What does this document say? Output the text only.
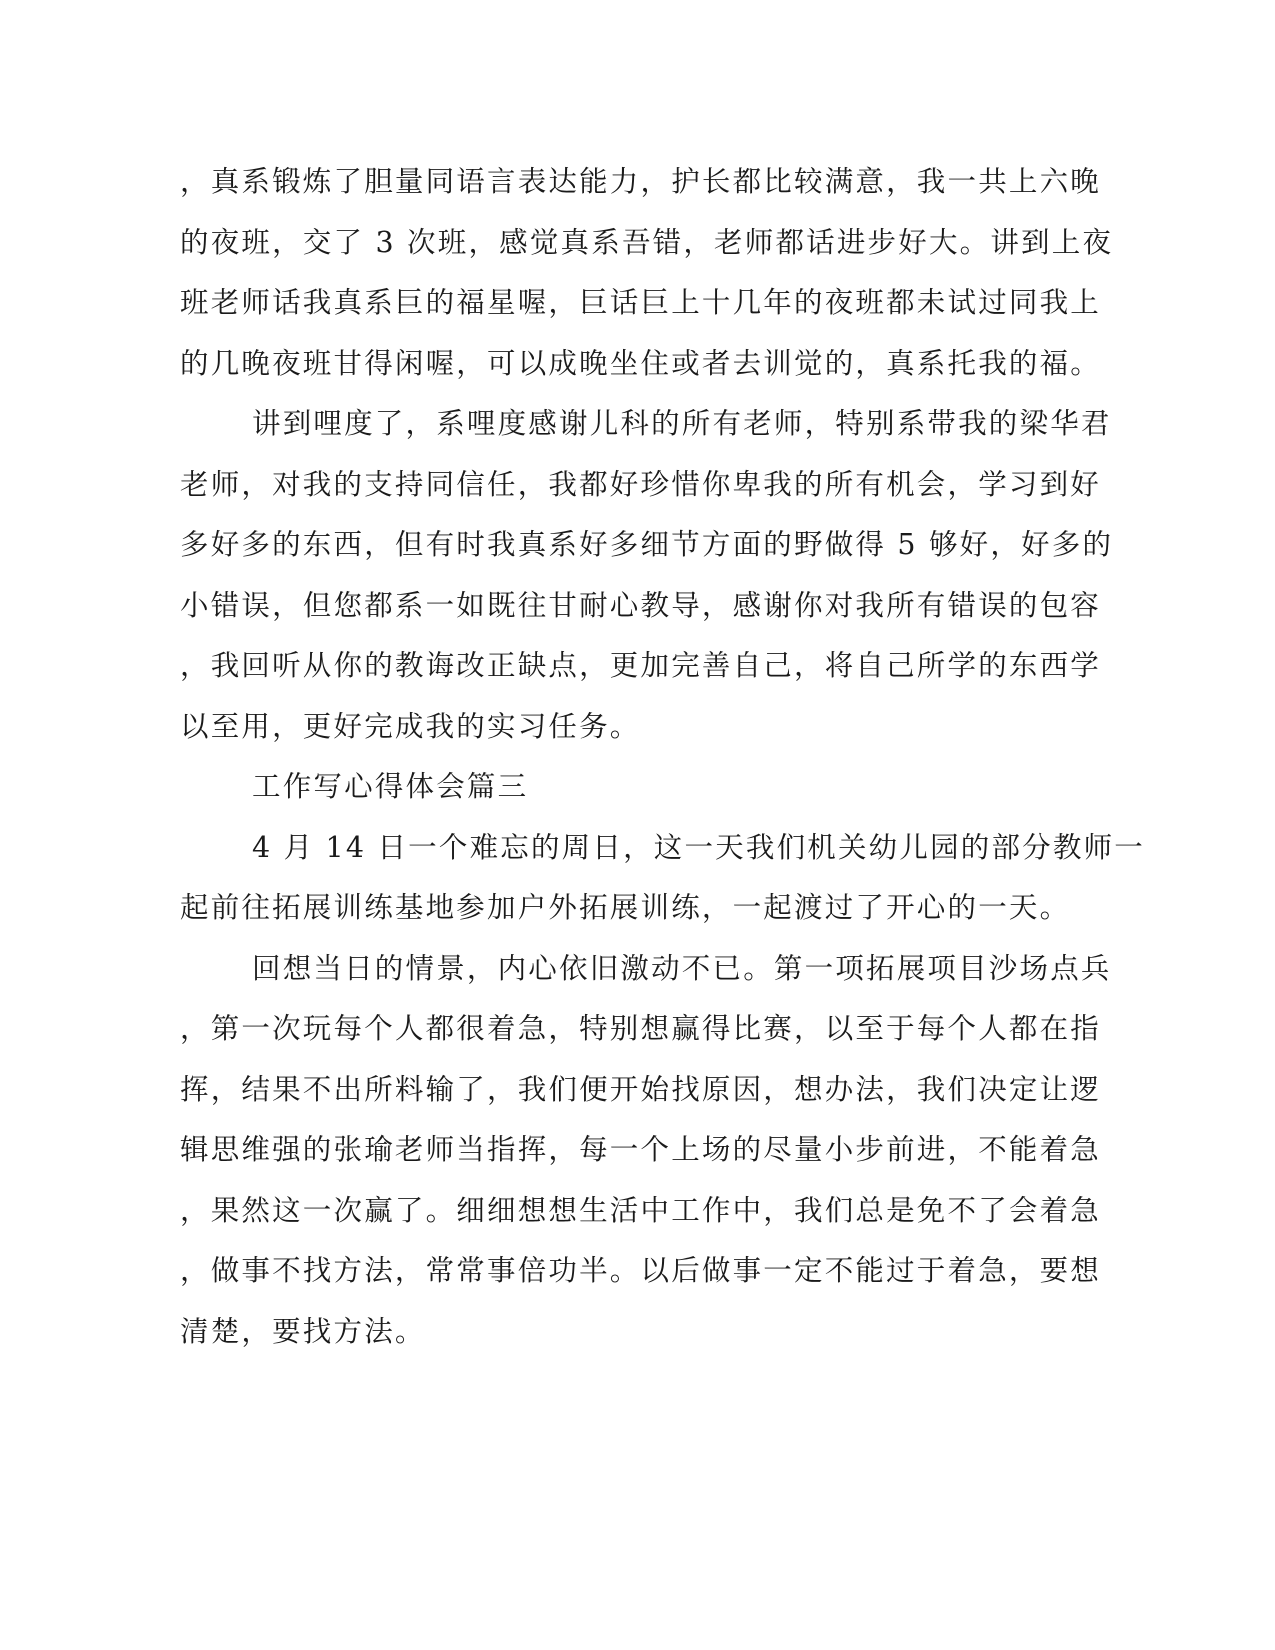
，真系锻炼了胆量同语言表达能力，护长都比较满意，我一共上六晚
的夜班，交了 3 次班，感觉真系吾错，老师都话进步好大。讲到上夜
班老师话我真系巨的福星喔，巨话巨上十几年的夜班都未试过同我上
的几晚夜班甘得闲喔，可以成晚坐住或者去训觉的，真系托我的福。
讲到哩度了，系哩度感谢儿科的所有老师，特别系带我的梁华君
老师，对我的支持同信任，我都好珍惜你卑我的所有机会，学习到好
多好多的东西，但有时我真系好多细节方面的野做得 5 够好，好多的
小错误，但您都系一如既往甘耐心教导，感谢你对我所有错误的包容
，我回听从你的教诲改正缺点，更加完善自己，将自己所学的东西学
以至用，更好完成我的实习任务。
工作写心得体会篇三
4 月 14 日一个难忘的周日，这一天我们机关幼儿园的部分教师一
起前往拓展训练基地参加户外拓展训练，一起渡过了开心的一天。
回想当日的情景，内心依旧激动不已。第一项拓展项目沙场点兵
，第一次玩每个人都很着急，特别想赢得比赛，以至于每个人都在指
挥，结果不出所料输了，我们便开始找原因，想办法，我们决定让逻
辑思维强的张瑜老师当指挥，每一个上场的尽量小步前进，不能着急
，果然这一次赢了。细细想想生活中工作中，我们总是免不了会着急
，做事不找方法，常常事倍功半。以后做事一定不能过于着急，要想
清楚，要找方法。
